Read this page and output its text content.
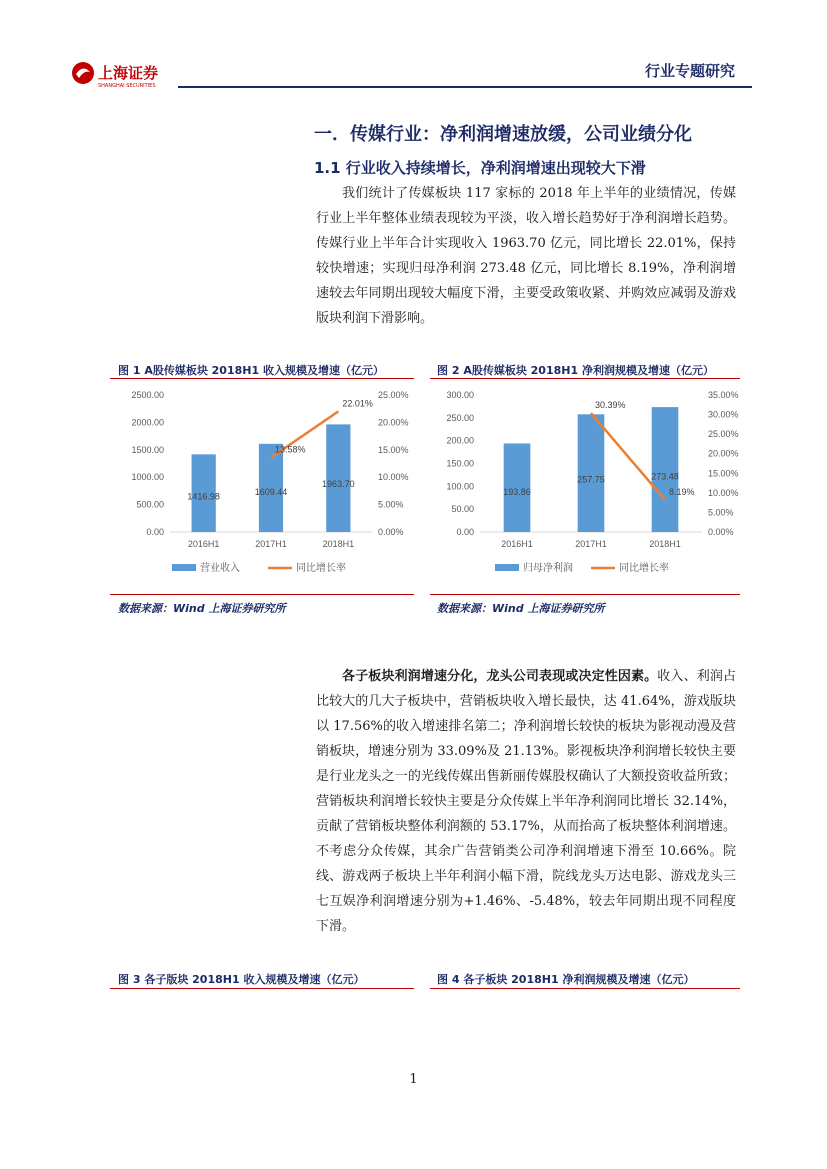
上海证券
SHANGHAI SECURITIES
行业专题研究
一．传媒行业：净利润增速放缓，公司业绩分化
1.1 行业收入持续增长，净利润增速出现较大下滑

我们统计了传媒板块 117 家标的 2018 年上半年的业绩情况，传媒行业上半年整体业绩表现较为平淡，收入增长趋势好于净利润增长趋势。传媒行业上半年合计实现收入 1963.70 亿元，同比增长 22.01%，保持较快增速；实现归母净利润 273.48 亿元，同比增长 8.19%，净利润增速较去年同期出现较大幅度下滑，主要受政策收紧、并购效应减弱及游戏版块利润下滑影响。

图 1 A股传媒板块 2018H1 收入规模及增速（亿元）	图 2 A股传媒板块 2018H1 净利润规模及增速（亿元）
0.00
500.00
1000.00
1500.00
2000.00
2500.00
0.00%
5.00%
10.00%
15.00%
20.00%
25.00%
2016H1	2017H1	2018H1
1416.98	1609.44
1963.70
13.58%
22.01%
营业收入	同比增长率
0.00
50.00
100.00
150.00
200.00
250.00
300.00
0.00%
5.00%
10.00%
15.00%
20.00%
25.00%
30.00%
35.00%
2016H1	2017H1	2018H1
193.86
257.75	273.48
30.39%
8.19%
归母净利润	同比增长率
数据来源：Wind 上海证券研究所	数据来源：Wind 上海证券研究所

各子板块利润增速分化，龙头公司表现或决定性因素。收入、利润占比较大的几大子板块中，营销板块收入增长最快，达 41.64%，游戏版块以 17.56%的收入增速排名第二；净利润增长较快的板块为影视动漫及营销板块，增速分别为 33.09%及 21.13%。影视板块净利润增长较快主要是行业龙头之一的光线传媒出售新丽传媒股权确认了大额投资收益所致；营销板块利润增长较快主要是分众传媒上半年净利润同比增长 32.14%，贡献了营销板块整体利润额的 53.17%，从而抬高了板块整体利润增速。不考虑分众传媒，其余广告营销类公司净利润增速下滑至 10.66%。院线、游戏两子板块上半年利润小幅下滑，院线龙头万达电影、游戏龙头三七互娱净利润增速分别为+1.46%、-5.48%，较去年同期出现不同程度下滑。

图 3 各子版块 2018H1 收入规模及增速（亿元）	图 4 各子板块 2018H1 净利润规模及增速（亿元）
1
